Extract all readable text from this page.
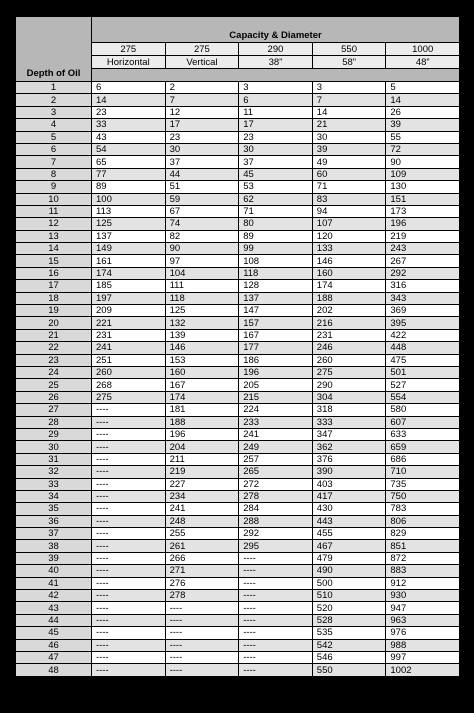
Depth of Oil	Capacity & Diameter				
	275	275	290	550	1000
	Horizontal	Vertical	38”	58”	48”

1	6	2	3	3	5
2	14	7	6	7	14
3	23	12	11	14	26
4	33	17	17	21	39
5	43	23	23	30	55
6	54	30	30	39	72
7	65	37	37	49	90
8	77	44	45	60	109
9	89	51	53	71	130
10	100	59	62	83	151
11	113	67	71	94	173
12	125	74	80	107	196
13	137	82	89	120	219
14	149	90	99	133	243
15	161	97	108	146	267
16	174	104	118	160	292
17	185	111	128	174	316
18	197	118	137	188	343
19	209	125	147	202	369
20	221	132	157	216	395
21	231	139	167	231	422
22	241	146	177	246	448
23	251	153	186	260	475
24	260	160	196	275	501
25	268	167	205	290	527
26	275	174	215	304	554
27	----	181	224	318	580
28	----	188	233	333	607
29	----	196	241	347	633
30	----	204	249	362	659
31	----	211	257	376	686
32	----	219	265	390	710
33	----	227	272	403	735
34	----	234	278	417	750
35	----	241	284	430	783
36	----	248	288	443	806
37	----	255	292	455	829
38	----	261	295	467	851
39	----	266	----	479	872
40	----	271	----	490	883
41	----	276	----	500	912
42	----	278	----	510	930
43	----	----	----	520	947
44	----	----	----	528	963
45	----	----	----	535	976
46	----	----	----	542	988
47	----	----	----	546	997
48	----	----	----	550	1002
